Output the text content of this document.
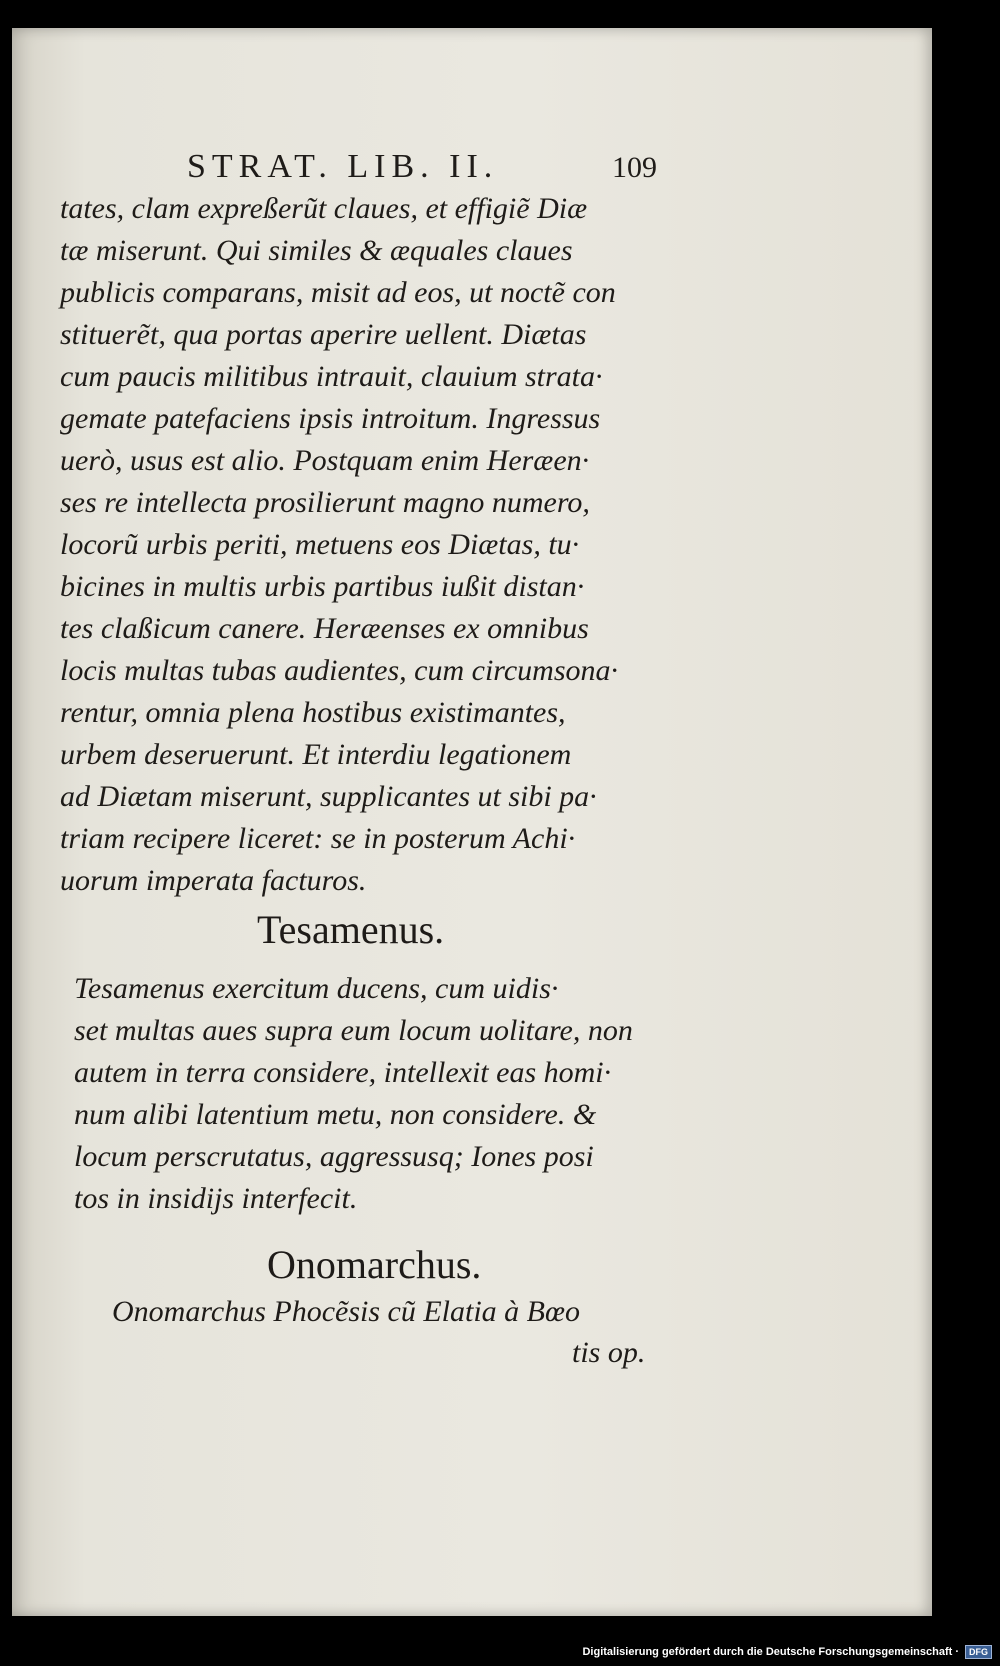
STRAT. LIB. II.	109
tates, clam expreßerũt claues, et effigiẽ Diæ
tæ miserunt. Qui similes & æquales claues
publicis comparans, misit ad eos, ut noctẽ con
stituerẽt, qua portas aperire uellent. Diætas
cum paucis militibus intrauit, clauium strata·
gemate patefaciens ipsis introitum. Ingressus
uerò, usus est alio. Postquam enim Heræen·
ses re intellecta prosilierunt magno numero,
locorũ urbis periti, metuens eos Diætas, tu·
bicines in multis urbis partibus iußit distan·
tes claßicum canere. Heræenses ex omnibus
locis multas tubas audientes, cum circumsona·
rentur, omnia plena hostibus existimantes,
urbem deseruerunt. Et interdiu legationem
ad Diætam miserunt, supplicantes ut sibi pa·
triam recipere liceret: se in posterum Achi·
uorum imperata facturos.
Tesamenus.
Tesamenus exercitum ducens, cum uidis·
set multas aues supra eum locum uolitare, non
autem in terra considere, intellexit eas homi·
num alibi latentium metu, non considere. &
locum perscrutatus, aggressusq; Iones posi
tos in insidijs interfecit.
Onomarchus.
Onomarchus Phocẽsis cũ Elatia à Bœo
tis op.
Digitalisierung gefördert durch die Deutsche Forschungsgemeinschaft ·	DFG
